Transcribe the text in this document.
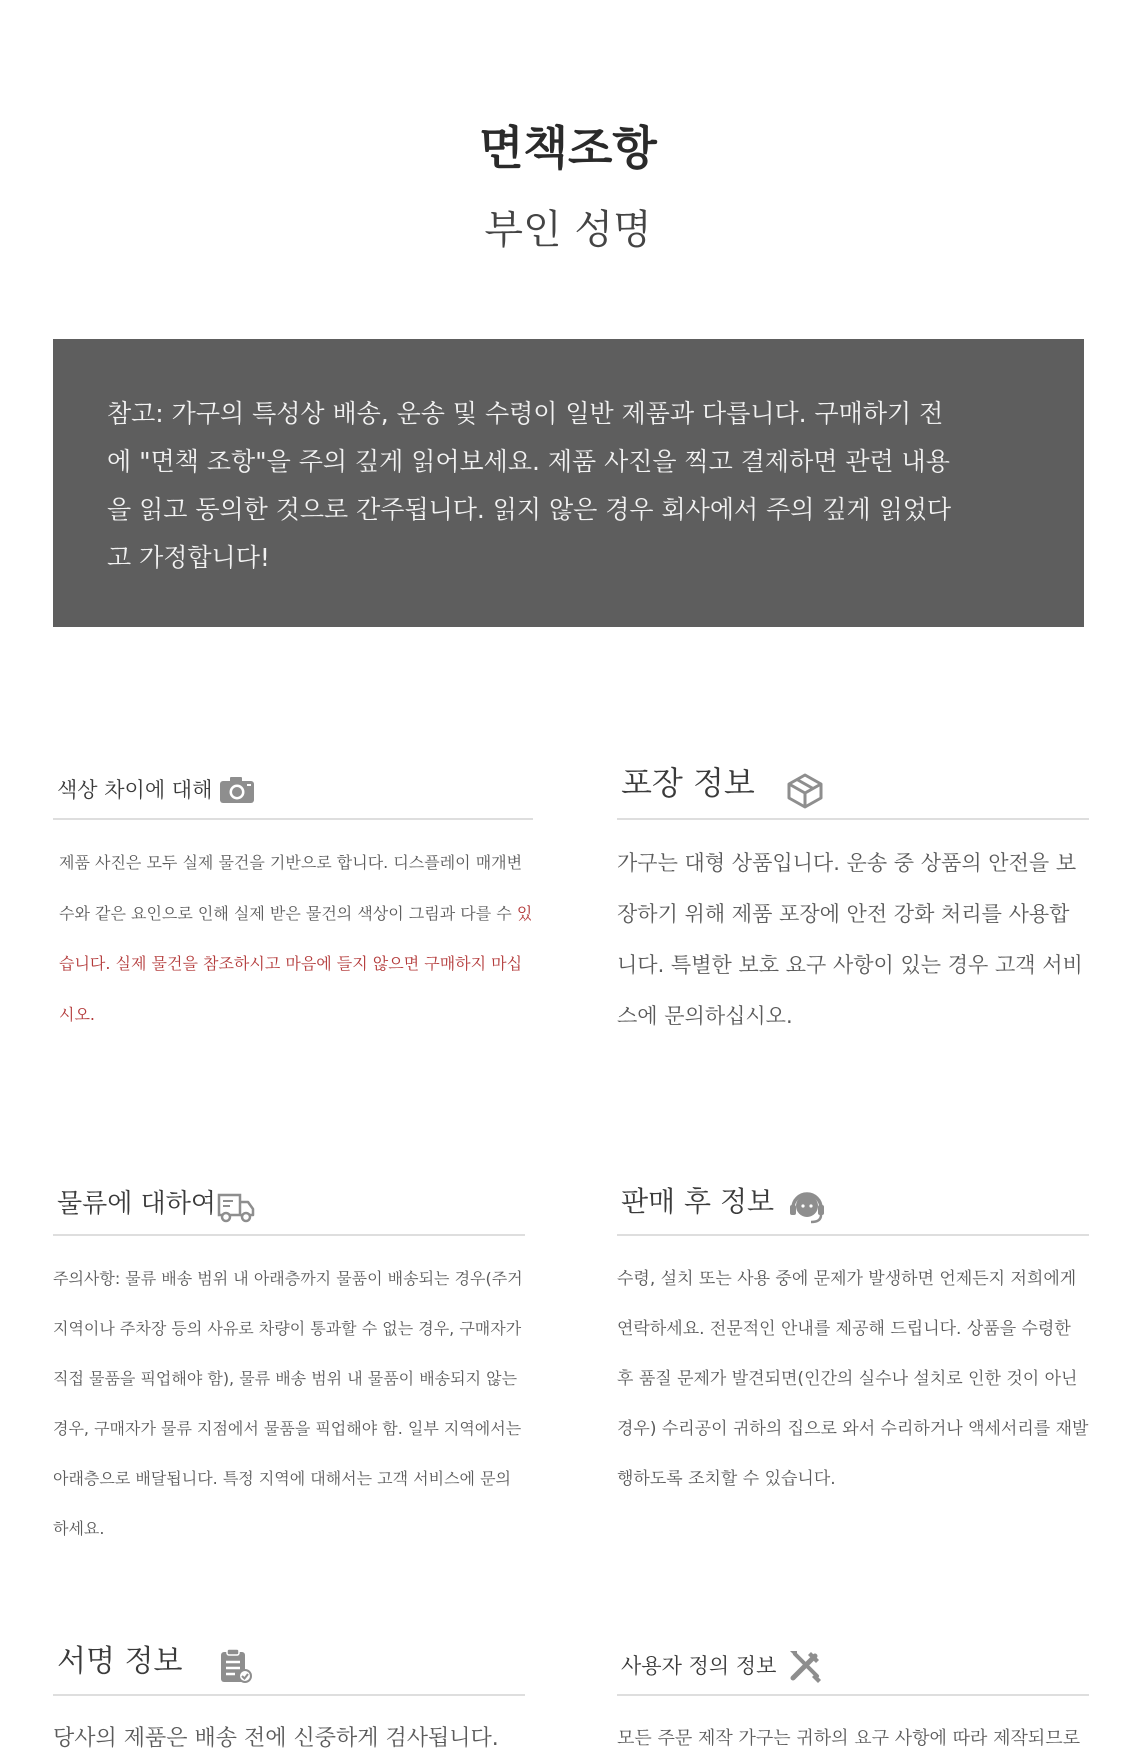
면책조항
부인 성명

참고: 가구의 특성상 배송, 운송 및 수령이 일반 제품과 다릅니다. 구매하기 전에 "면책 조항"을 주의 깊게 읽어보세요. 제품 사진을 찍고 결제하면 관련 내용을 읽고 동의한 것으로 간주됩니다. 읽지 않은 경우 회사에서 주의 깊게 읽었다고 가정합니다!

색상 차이에 대해
제품 사진은 모두 실제 물건을 기반으로 합니다. 디스플레이 매개변수와 같은 요인으로 인해 실제 받은 물건의 색상이 그림과 다를 수 있습니다. 실제 물건을 참조하시고 마음에 들지 않으면 구매하지 마십시오.
포장 정보
가구는 대형 상품입니다. 운송 중 상품의 안전을 보장하기 위해 제품 포장에 안전 강화 처리를 사용합니다. 특별한 보호 요구 사항이 있는 경우 고객 서비스에 문의하십시오.
물류에 대하여
주의사항: 물류 배송 범위 내 아래층까지 물품이 배송되는 경우(주거지역이나 주차장 등의 사유로 차량이 통과할 수 없는 경우, 구매자가 직접 물품을 픽업해야 함), 물류 배송 범위 내 물품이 배송되지 않는 경우, 구매자가 물류 지점에서 물품을 픽업해야 함. 일부 지역에서는 아래층으로 배달됩니다. 특정 지역에 대해서는 고객 서비스에 문의하세요.
판매 후 정보
수령, 설치 또는 사용 중에 문제가 발생하면 언제든지 저희에게 연락하세요. 전문적인 안내를 제공해 드립니다. 상품을 수령한 후 품질 문제가 발견되면(인간의 실수나 설치로 인한 것이 아닌 경우) 수리공이 귀하의 집으로 와서 수리하거나 액세서리를 재발행하도록 조치할 수 있습니다.
서명 정보
당사의 제품은 배송 전에 신중하게 검사됩니다.
사용자 정의 정보
모든 주문 제작 가구는 귀하의 요구 사항에 따라 제작되므로
